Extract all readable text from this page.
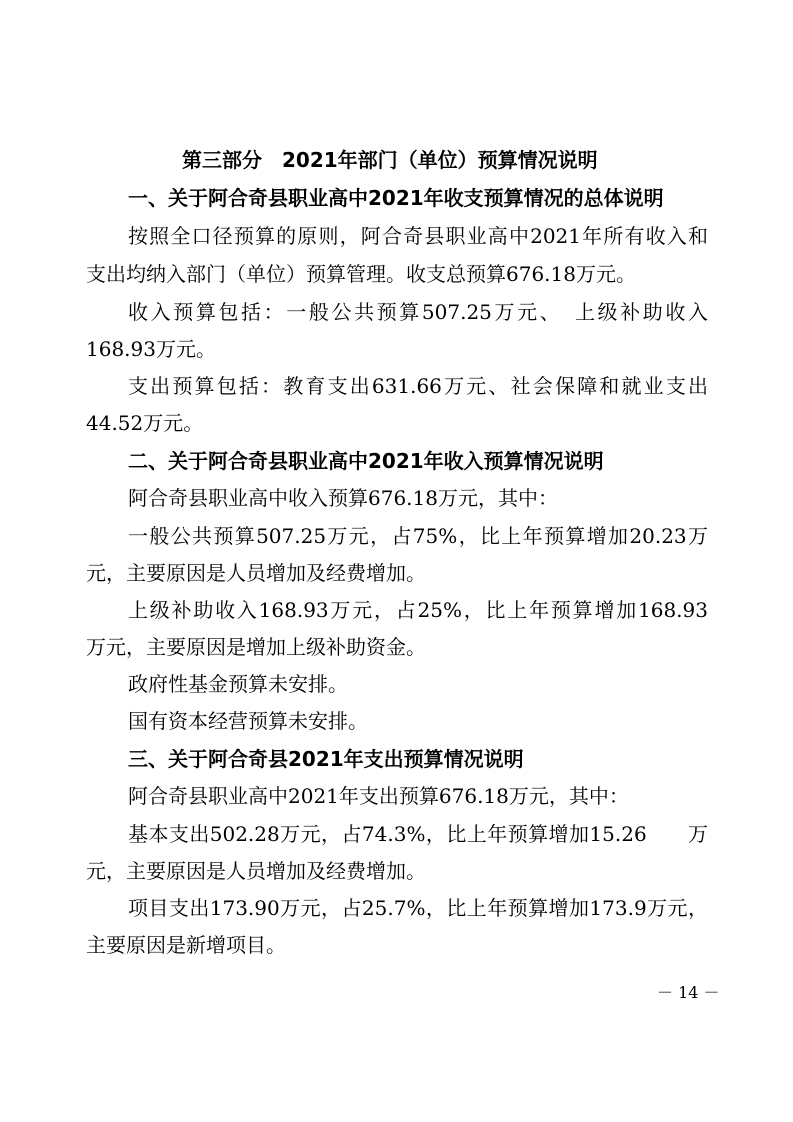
第三部分　2021年部门（单位）预算情况说明
一、关于阿合奇县职业高中2021年收支预算情况的总体说明
按照全口径预算的原则，阿合奇县职业高中2021年所有收入和
支出均纳入部门（单位）预算管理。收支总预算676.18万元。
收入预算包括：一般公共预算507.25万元、　上级补助收入
168.93万元。
支出预算包括：教育支出631.66万元、社会保障和就业支出
44.52万元。
二、关于阿合奇县职业高中2021年收入预算情况说明
阿合奇县职业高中收入预算676.18万元，其中：
一般公共预算507.25万元，占75%，比上年预算增加20.23万
元，主要原因是人员增加及经费增加。
上级补助收入168.93万元，占25%，比上年预算增加168.93
万元，主要原因是增加上级补助资金。
政府性基金预算未安排。
国有资本经营预算未安排。
三、关于阿合奇县2021年支出预算情况说明
阿合奇县职业高中2021年支出预算676.18万元，其中：
基本支出502.28万元，占74.3%，比上年预算增加15.26　　万
元，主要原因是人员增加及经费增加。
项目支出173.90万元，占25.7%，比上年预算增加173.9万元，
主要原因是新增项目。
－ 14 －
